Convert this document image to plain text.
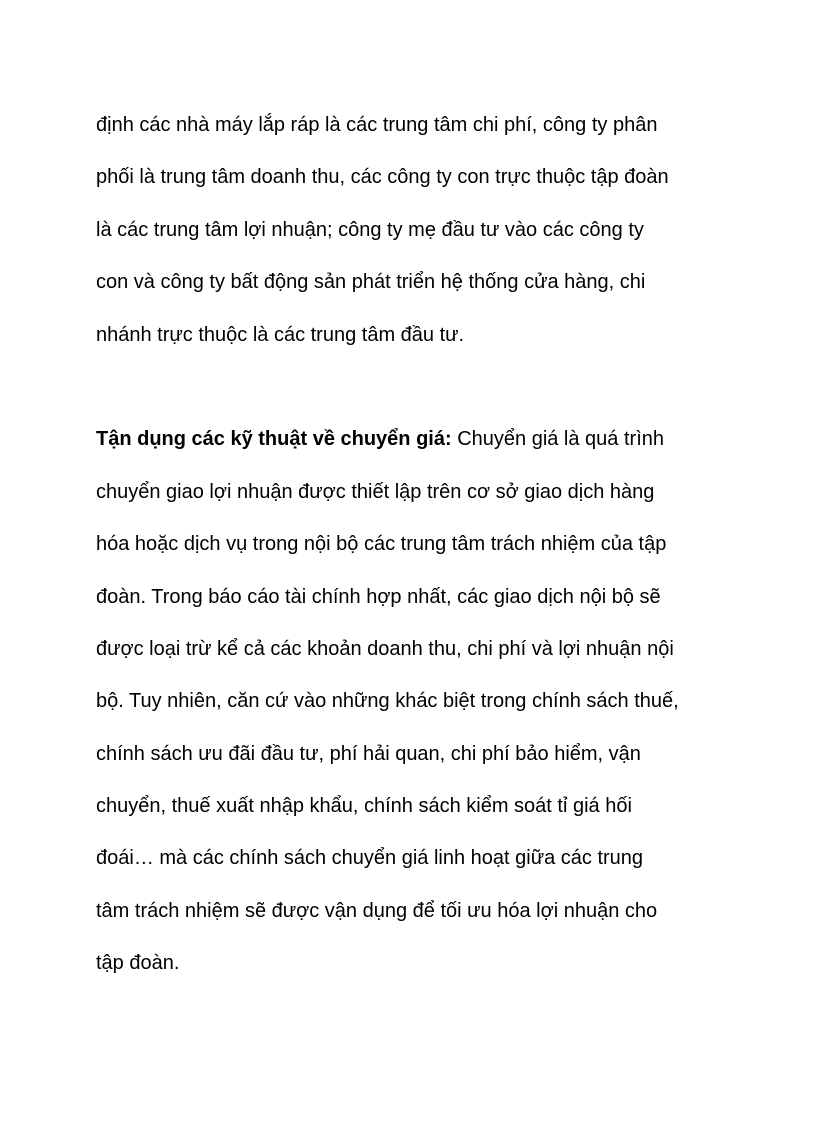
định các nhà máy lắp ráp là các trung tâm chi phí, công ty phân
phối là trung tâm doanh thu, các công ty con trực thuộc tập đoàn
là các trung tâm lợi nhuận; công ty mẹ đầu tư vào các công ty
con và công ty bất động sản phát triển hệ thống cửa hàng, chi
nhánh trực thuộc là các trung tâm đầu tư.
Tận dụng các kỹ thuật về chuyển giá: Chuyển giá là quá trình
chuyển giao lợi nhuận được thiết lập trên cơ sở giao dịch hàng
hóa hoặc dịch vụ trong nội bộ các trung tâm trách nhiệm của tập
đoàn. Trong báo cáo tài chính hợp nhất, các giao dịch nội bộ sẽ
được loại trừ kể cả các khoản doanh thu, chi phí và lợi nhuận nội
bộ. Tuy nhiên, căn cứ vào những khác biệt trong chính sách thuế,
chính sách ưu đãi đầu tư, phí hải quan, chi phí bảo hiểm, vận
chuyển, thuế xuất nhập khẩu, chính sách kiểm soát tỉ giá hối
đoái… mà các chính sách chuyển giá linh hoạt giữa các trung
tâm trách nhiệm sẽ được vận dụng để tối ưu hóa lợi nhuận cho
tập đoàn.
